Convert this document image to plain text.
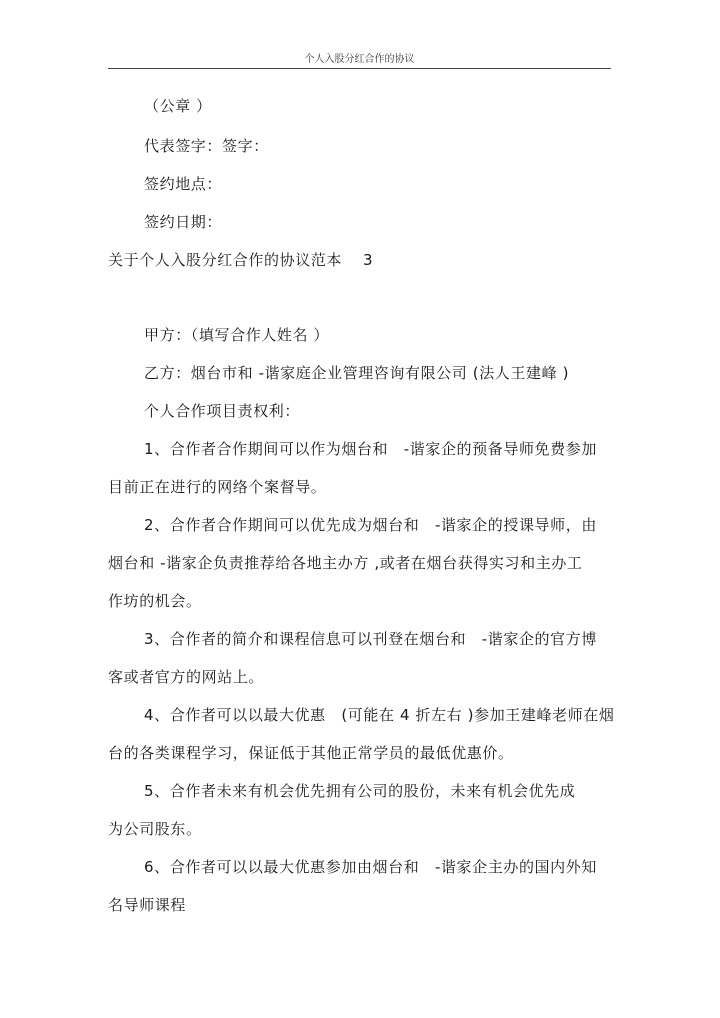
个人入股分红合作的协议
（公章 ）
代表签字：签字：
签约地点：
签约日期：
关于个人入股分红合作的协议范本　 3
甲方：（填写合作人姓名 ）
乙方：烟台市和 -谐家庭企业管理咨询有限公司 (法人王建峰 )
个人合作项目责权利：
1、合作者合作期间可以作为烟台和　-谐家企的预备导师免费参加
目前正在进行的网络个案督导。
2、合作者合作期间可以优先成为烟台和　-谐家企的授课导师，由
烟台和 -谐家企负责推荐给各地主办方 ,或者在烟台获得实习和主办工
作坊的机会。
3、合作者的简介和课程信息可以刊登在烟台和　-谐家企的官方博
客或者官方的网站上。
4、合作者可以以最大优惠　(可能在 4 折左右 )参加王建峰老师在烟
台的各类课程学习，保证低于其他正常学员的最低优惠价。
5、合作者未来有机会优先拥有公司的股份，未来有机会优先成
为公司股东。
6、合作者可以以最大优惠参加由烟台和　-谐家企主办的国内外知
名导师课程
